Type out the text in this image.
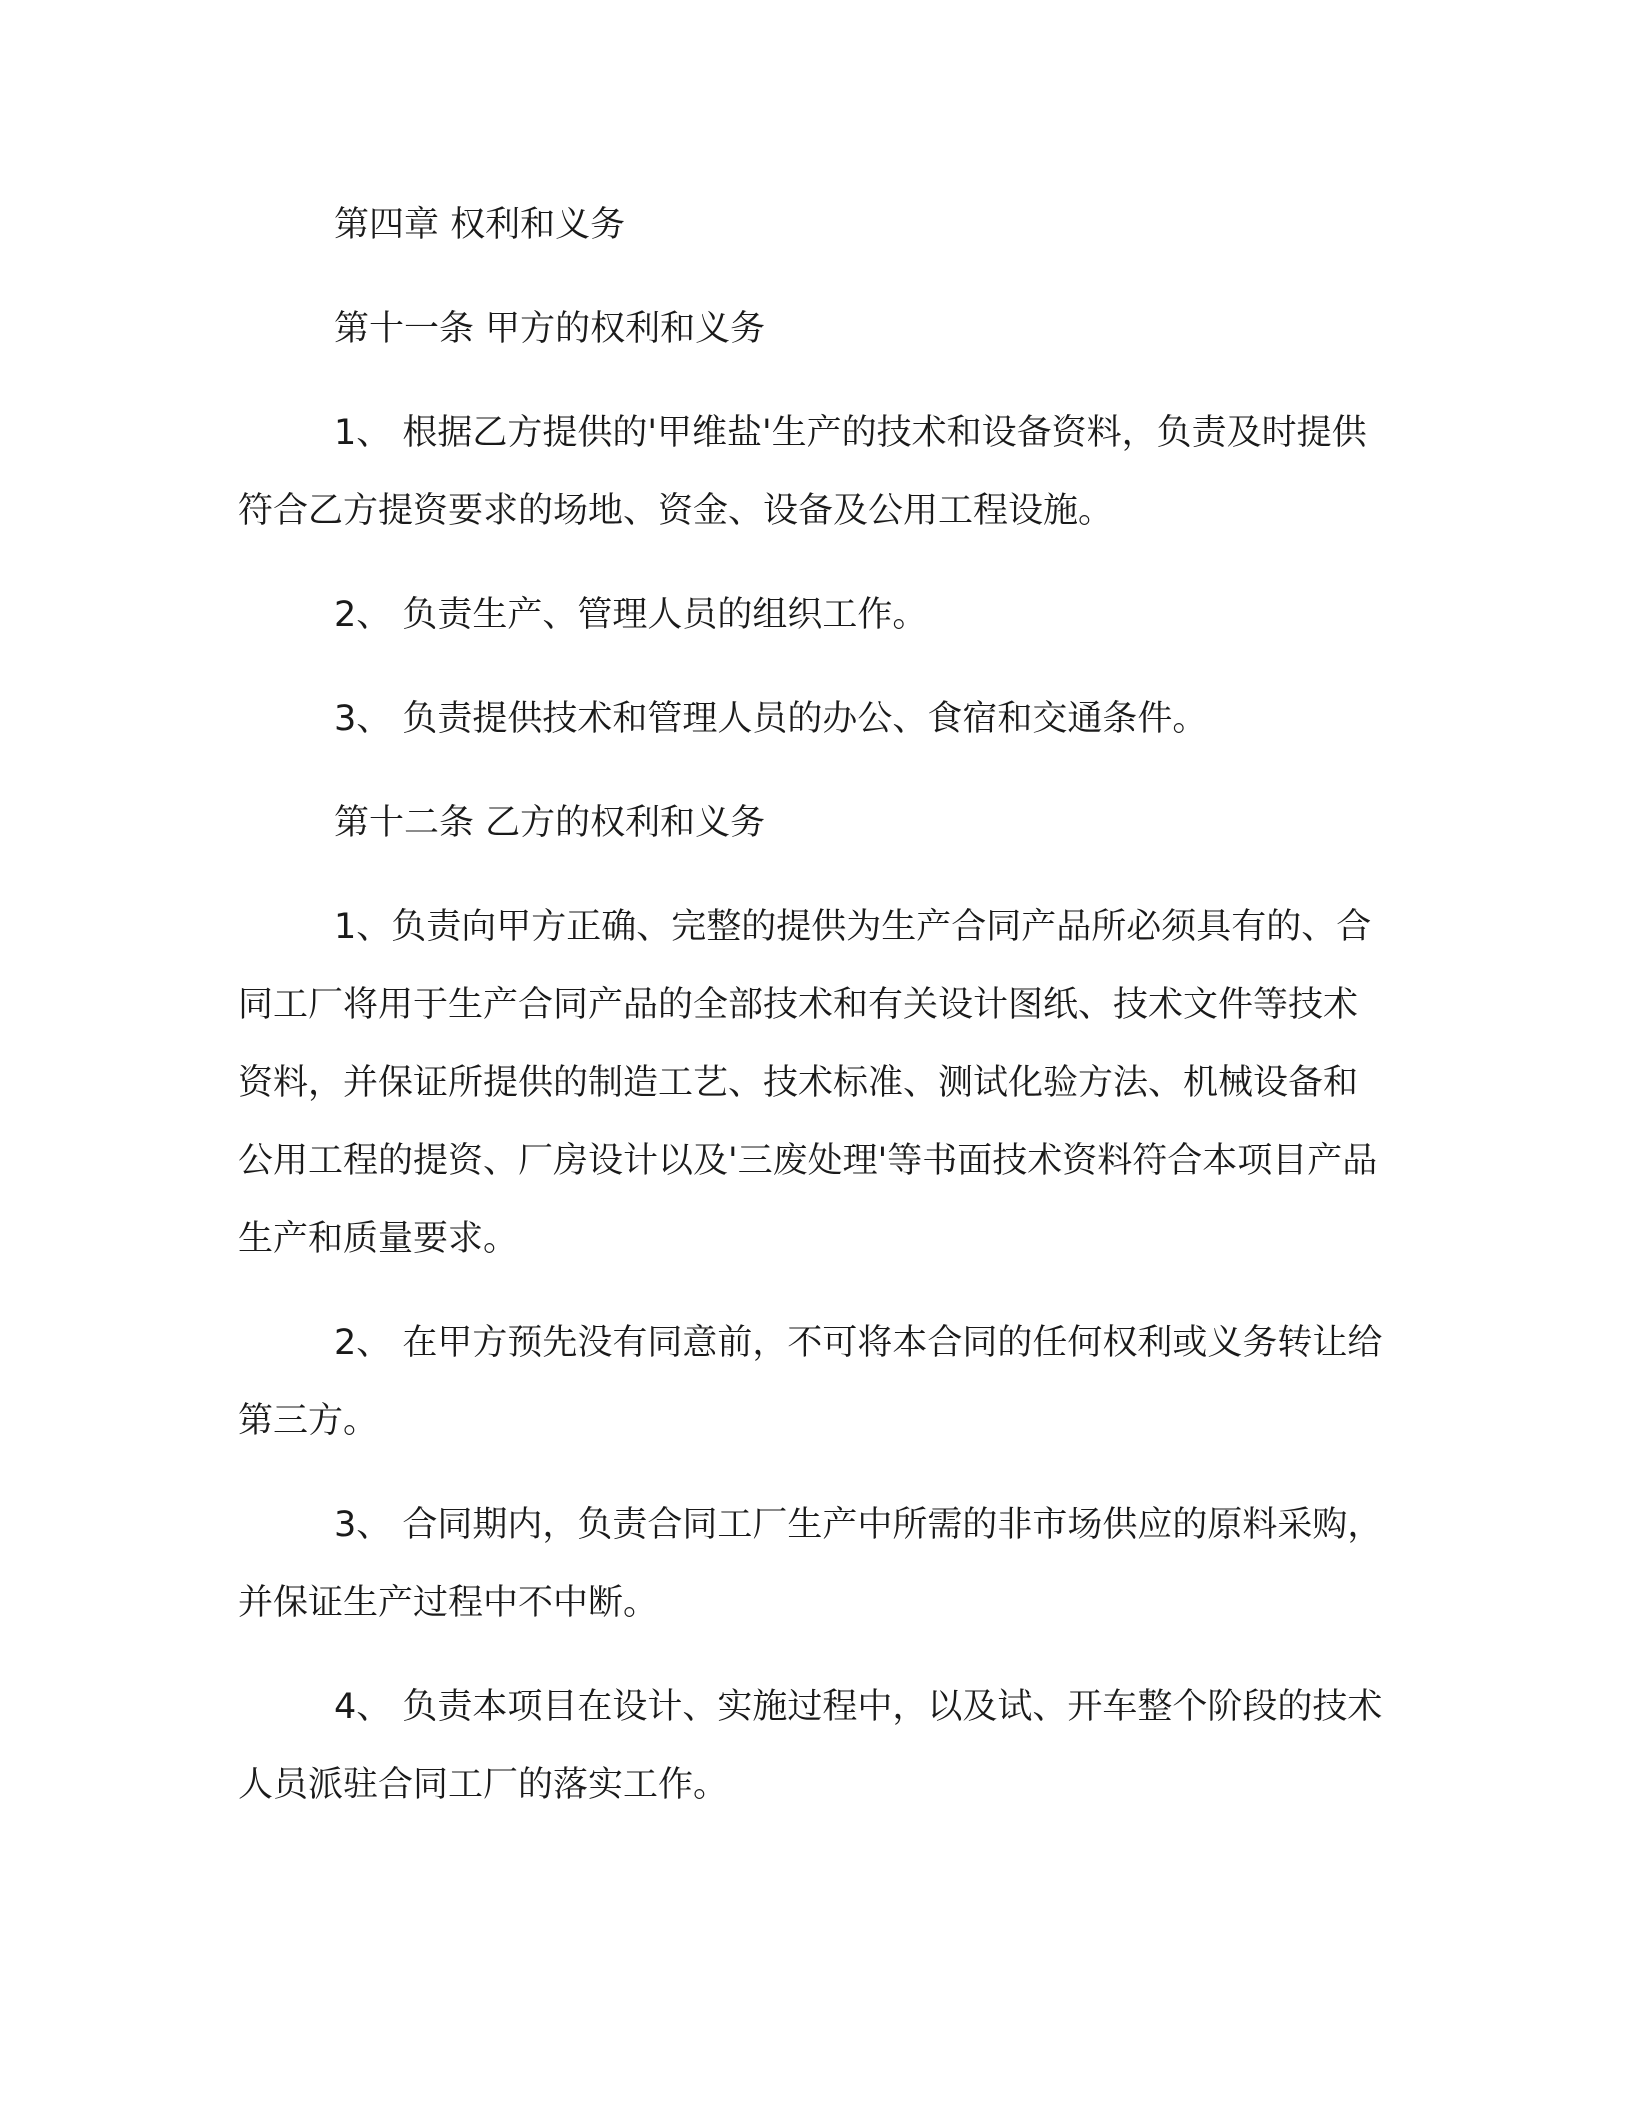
第四章 权利和义务

第十一条 甲方的权利和义务

1、 根据乙方提供的'甲维盐'生产的技术和设备资料，负责及时提供符合乙方提资要求的场地、资金、设备及公用工程设施。

2、 负责生产、管理人员的组织工作。

3、 负责提供技术和管理人员的办公、食宿和交通条件。

第十二条 乙方的权利和义务

1、负责向甲方正确、完整的提供为生产合同产品所必须具有的、合同工厂将用于生产合同产品的全部技术和有关设计图纸、技术文件等技术资料，并保证所提供的制造工艺、技术标准、测试化验方法、机械设备和公用工程的提资、厂房设计以及'三废处理'等书面技术资料符合本项目产品生产和质量要求。

2、 在甲方预先没有同意前，不可将本合同的任何权利或义务转让给第三方。

3、 合同期内，负责合同工厂生产中所需的非市场供应的原料采购，并保证生产过程中不中断。

4、 负责本项目在设计、实施过程中，以及试、开车整个阶段的技术人员派驻合同工厂的落实工作。
